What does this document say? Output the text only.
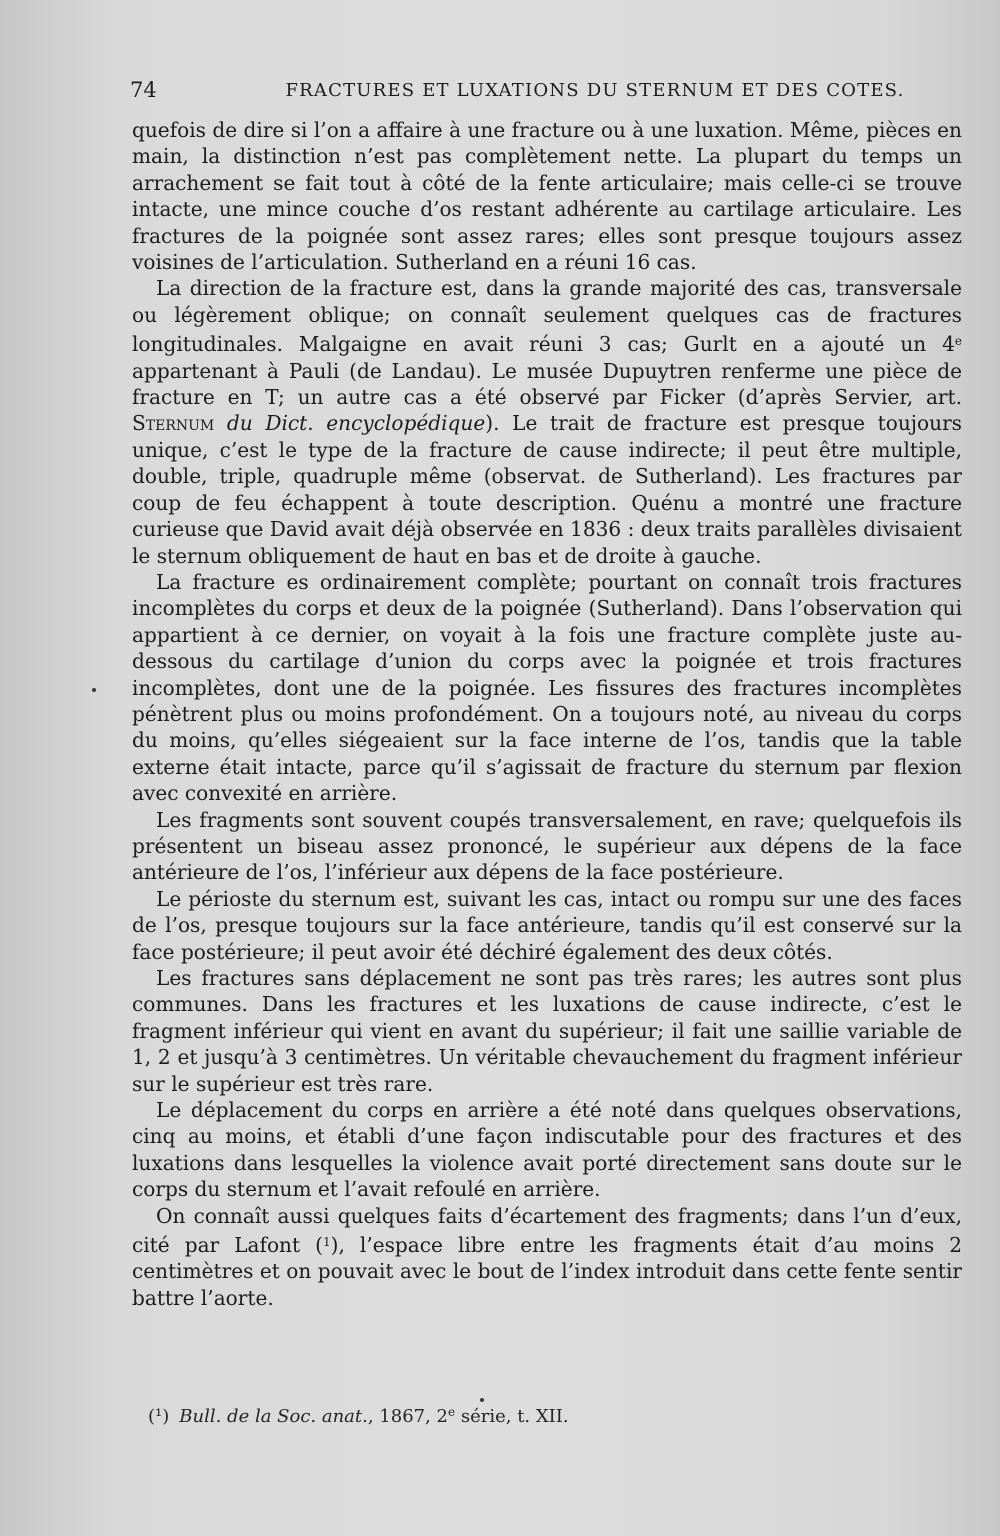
74	FRACTURES ET LUXATIONS DU STERNUM ET DES COTES.

quefois de dire si l’on a affaire à une fracture ou à une luxation. Même, pièces en main, la distinction n’est pas complètement nette. La plupart du temps un arrachement se fait tout à côté de la fente articulaire; mais celle-ci se trouve intacte, une mince couche d’os restant adhérente au cartilage articulaire. Les fractures de la poignée sont assez rares; elles sont presque toujours assez voisines de l’articulation. Sutherland en a réuni 16 cas.

La direction de la fracture est, dans la grande majorité des cas, transversale ou légèrement oblique; on connaît seulement quelques cas de fractures longitudinales. Malgaigne en avait réuni 3 cas; Gurlt en a ajouté un 4e appartenant à Pauli (de Landau). Le musée Dupuytren renferme une pièce de fracture en T; un autre cas a été observé par Ficker (d’après Servier, art. Sternum du Dict. encyclopédique). Le trait de fracture est presque toujours unique, c’est le type de la fracture de cause indirecte; il peut être multiple, double, triple, quadruple même (observat. de Sutherland). Les fractures par coup de feu échappent à toute description. Quénu a montré une fracture curieuse que David avait déjà observée en 1836 : deux traits parallèles divisaient le sternum obliquement de haut en bas et de droite à gauche.

La fracture es ordinairement complète; pourtant on connaît trois fractures incomplètes du corps et deux de la poignée (Sutherland). Dans l’observation qui appartient à ce dernier, on voyait à la fois une fracture complète juste au-dessous du cartilage d’union du corps avec la poignée et trois fractures incomplètes, dont une de la poignée. Les fissures des fractures incomplètes pénètrent plus ou moins profondément. On a toujours noté, au niveau du corps du moins, qu’elles siégeaient sur la face interne de l’os, tandis que la table externe était intacte, parce qu’il s’agissait de fracture du sternum par flexion avec convexité en arrière.

Les fragments sont souvent coupés transversalement, en rave; quelquefois ils présentent un biseau assez prononcé, le supérieur aux dépens de la face antérieure de l’os, l’inférieur aux dépens de la face postérieure.

Le périoste du sternum est, suivant les cas, intact ou rompu sur une des faces de l’os, presque toujours sur la face antérieure, tandis qu’il est conservé sur la face postérieure; il peut avoir été déchiré également des deux côtés.

Les fractures sans déplacement ne sont pas très rares; les autres sont plus communes. Dans les fractures et les luxations de cause indirecte, c’est le fragment inférieur qui vient en avant du supérieur; il fait une saillie variable de 1, 2 et jusqu’à 3 centimètres. Un véritable chevauchement du fragment inférieur sur le supérieur est très rare.

Le déplacement du corps en arrière a été noté dans quelques observations, cinq au moins, et établi d’une façon indiscutable pour des fractures et des luxations dans lesquelles la violence avait porté directement sans doute sur le corps du sternum et l’avait refoulé en arrière.

On connaît aussi quelques faits d’écartement des fragments; dans l’un d’eux, cité par Lafont ($^1$), l’espace libre entre les fragments était d’au moins 2 centimètres et on pouvait avec le bout de l’index introduit dans cette fente sentir battre l’aorte.

(¹) Bull. de la Soc. anat., 1867, 2e série, t. XII.
